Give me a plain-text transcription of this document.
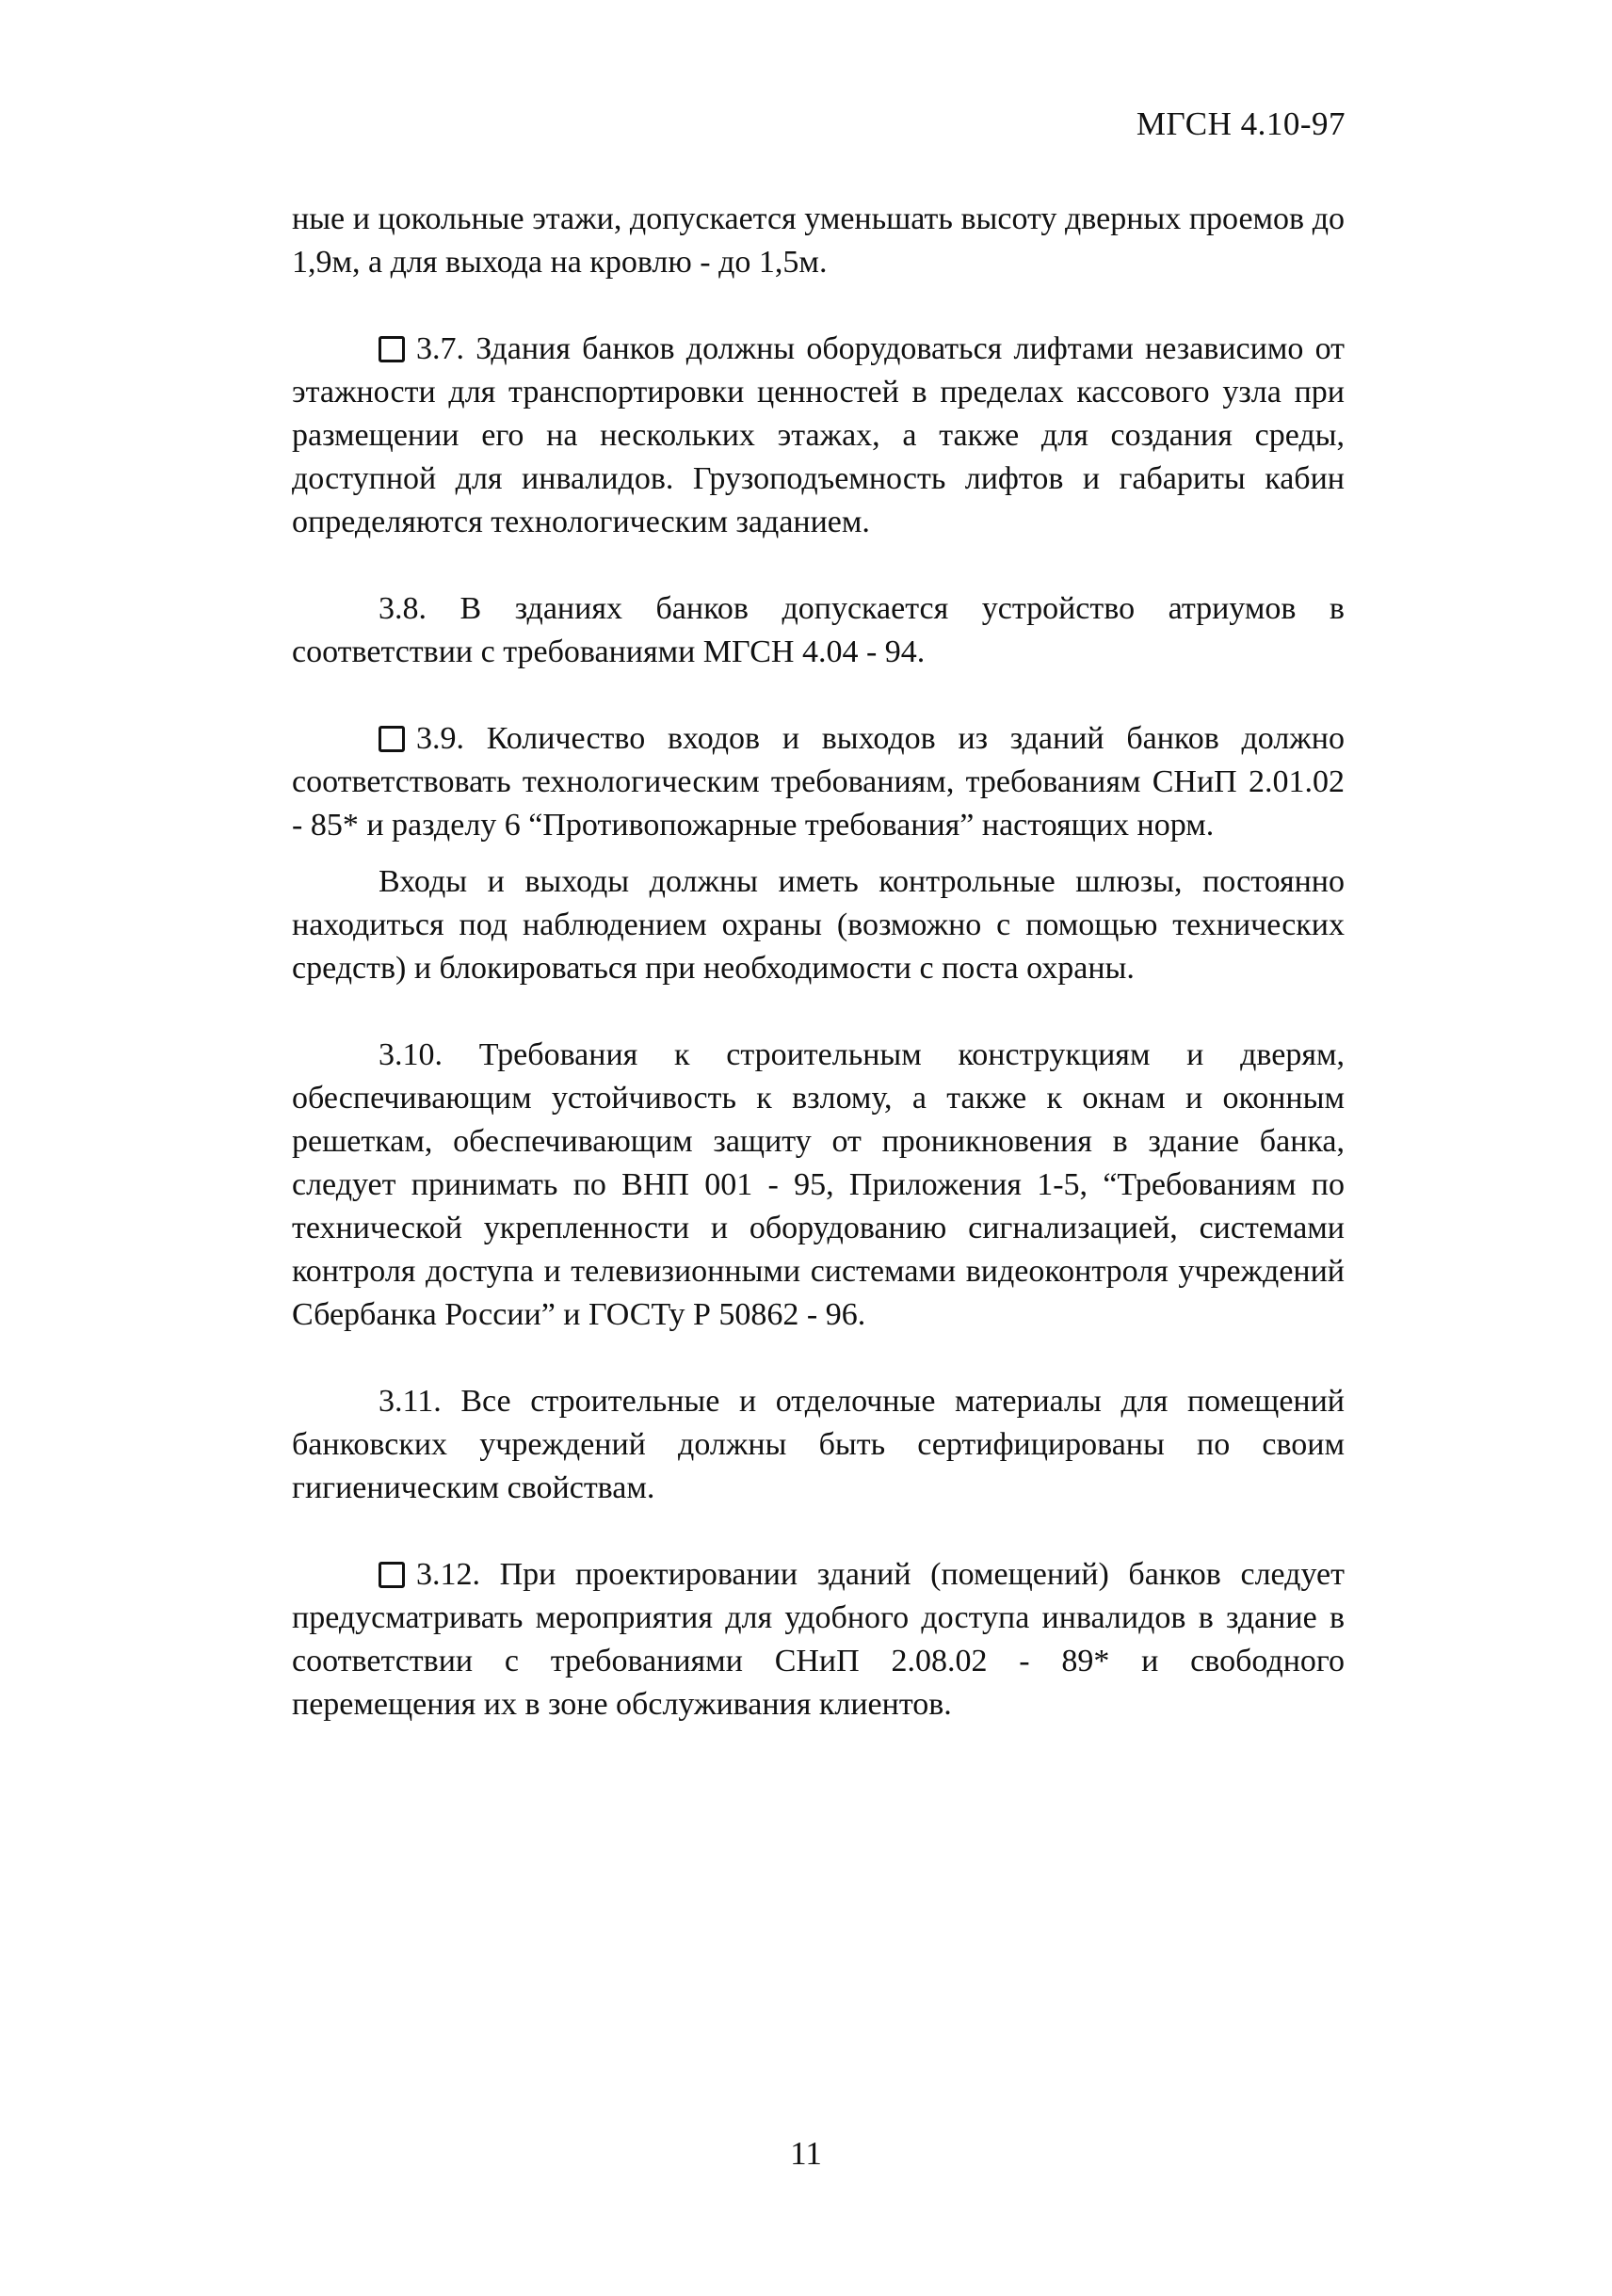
МГСН 4.10-97

ные и цокольные этажи, допускается уменьшать высоту дверных проемов до 1,9м, а для выхода на кровлю - до 1,5м.

3.7. Здания банков должны оборудоваться лифтами независимо от этажности для транспортировки ценностей в пределах кассового узла при размещении его на нескольких этажах, а также для создания среды, доступной для инвалидов. Грузоподъемность лифтов и габариты кабин определяются технологическим заданием.

3.8. В зданиях банков допускается устройство атриумов в соответствии с требованиями МГСН 4.04 - 94.

3.9. Количество входов и выходов из зданий банков должно соответствовать технологическим требованиям, требованиям СНиП 2.01.02 - 85* и разделу 6 “Противопожарные требования” настоящих норм.

Входы и выходы должны иметь контрольные шлюзы, постоянно находиться под наблюдением охраны (возможно с помощью технических средств) и блокироваться при необходимости с поста охраны.

3.10. Требования к строительным конструкциям и дверям, обеспечивающим устойчивость к взлому, а также к окнам и оконным решеткам, обеспечивающим защиту от проникновения в здание банка, следует принимать по ВНП 001 - 95, Приложения 1-5, “Требованиям по технической укрепленности и оборудованию сигнализацией, системами контроля доступа и телевизионными системами видеоконтроля учреждений Сбербанка России” и ГОСТу Р 50862 - 96.

3.11. Все строительные и отделочные материалы для помещений банковских учреждений должны быть сертифицированы по своим гигиеническим свойствам.

3.12. При проектировании зданий (помещений) банков следует предусматривать мероприятия для удобного доступа инвалидов в здание в соответствии с требованиями СНиП 2.08.02 - 89* и свободного перемещения их в зоне обслуживания клиентов.

11
